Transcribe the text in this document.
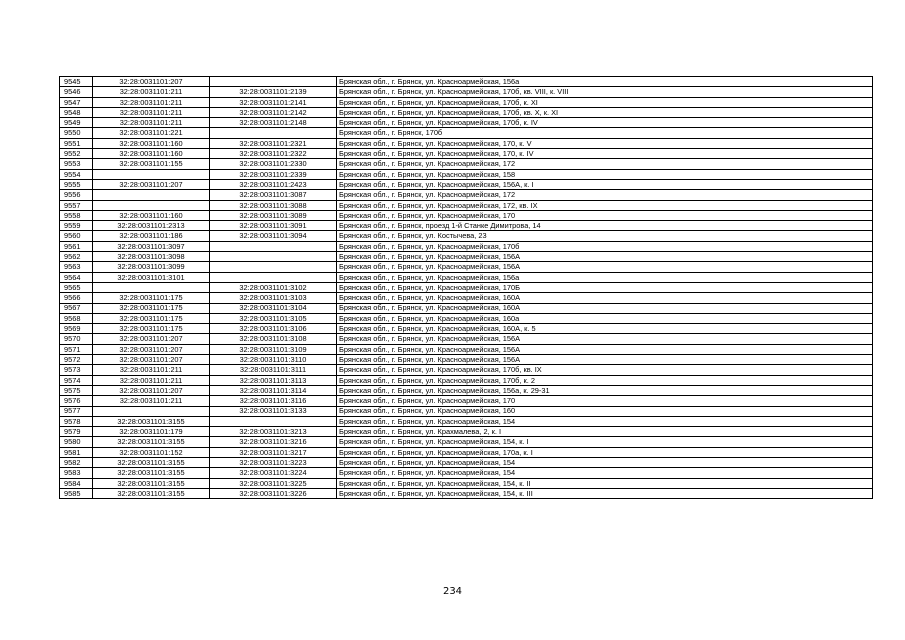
9545	32:28:0031101:207		Брянская обл., г. Брянск, ул. Красноармейская, 156а
9546	32:28:0031101:211	32:28:0031101:2139	Брянская обл., г. Брянск, ул. Красноармейская, 170б, кв. VIII, к. VIII
9547	32:28:0031101:211	32:28:0031101:2141	Брянская обл., г. Брянск, ул. Красноармейская, 170б, к. XI
9548	32:28:0031101:211	32:28:0031101:2142	Брянская обл., г. Брянск, ул. Красноармейская, 170б, кв. X, к. XI
9549	32:28:0031101:211	32:28:0031101:2148	Брянская обл., г. Брянск, ул. Красноармейская, 170б, к. IV
9550	32:28:0031101:221		Брянская обл., г. Брянск, 170б
9551	32:28:0031101:160	32:28:0031101:2321	Брянская обл., г. Брянск, ул. Красноармейская, 170, к. V
9552	32:28:0031101:160	32:28:0031101:2322	Брянская обл., г. Брянск, ул. Красноармейская, 170, к. IV
9553	32:28:0031101:155	32:28:0031101:2330	Брянская обл., г. Брянск, ул. Красноармейская, 172
9554		32:28:0031101:2339	Брянская обл., г. Брянск, ул. Красноармейская, 158
9555	32:28:0031101:207	32:28:0031101:2423	Брянская обл., г. Брянск, ул. Красноармейская, 156А, к. I
9556		32:28:0031101:3087	Брянская обл., г. Брянск, ул. Красноармейская, 172
9557		32:28:0031101:3088	Брянская обл., г. Брянск, ул. Красноармейская, 172, кв. IX
9558	32:28:0031101:160	32:28:0031101:3089	Брянская обл., г. Брянск, ул. Красноармейская, 170
9559	32:28:0031101:2313	32:28:0031101:3091	Брянская обл., г. Брянск, проезд 1-й Станке Димитрова, 14
9560	32:28:0031101:186	32:28:0031101:3094	Брянская обл., г. Брянск, ул. Костычева, 23
9561	32:28:0031101:3097		Брянская обл., г. Брянск, ул. Красноармейская, 170б
9562	32:28:0031101:3098		Брянская обл., г. Брянск, ул. Красноармейская, 156А
9563	32:28:0031101:3099		Брянская обл., г. Брянск, ул. Красноармейская, 156А
9564	32:28:0031101:3101		Брянская обл., г. Брянск, ул. Красноармейская, 156а
9565		32:28:0031101:3102	Брянская обл., г. Брянск, ул. Красноармейская, 170Б
9566	32:28:0031101:175	32:28:0031101:3103	Брянская обл., г. Брянск, ул. Красноармейская, 160А
9567	32:28:0031101:175	32:28:0031101:3104	Брянская обл., г. Брянск, ул. Красноармейская, 160А
9568	32:28:0031101:175	32:28:0031101:3105	Брянская обл., г. Брянск, ул. Красноармейская, 160а
9569	32:28:0031101:175	32:28:0031101:3106	Брянская обл., г. Брянск, ул. Красноармейская, 160А, к. 5
9570	32:28:0031101:207	32:28:0031101:3108	Брянская обл., г. Брянск, ул. Красноармейская, 156А
9571	32:28:0031101:207	32:28:0031101:3109	Брянская обл., г. Брянск, ул. Красноармейская, 156А
9572	32:28:0031101:207	32:28:0031101:3110	Брянская обл., г. Брянск, ул. Красноармейская, 156А
9573	32:28:0031101:211	32:28:0031101:3111	Брянская обл., г. Брянск, ул. Красноармейская, 170б, кв. IX
9574	32:28:0031101:211	32:28:0031101:3113	Брянская обл., г. Брянск, ул. Красноармейская, 170б, к. 2
9575	32:28:0031101:207	32:28:0031101:3114	Брянская обл., г. Брянск, ул. Красноармейская, 156а, к. 29-31
9576	32:28:0031101:211	32:28:0031101:3116	Брянская обл., г. Брянск, ул. Красноармейская, 170
9577		32:28:0031101:3133	Брянская обл., г. Брянск, ул. Красноармейская, 160
9578	32:28:0031101:3155		Брянская обл., г. Брянск, ул. Красноармейская, 154
9579	32:28:0031101:179	32:28:0031101:3213	Брянская обл., г. Брянск, ул. Крахмалева, 2, к. I
9580	32:28:0031101:3155	32:28:0031101:3216	Брянская обл., г. Брянск, ул. Красноармейская, 154, к. I
9581	32:28:0031101:152	32:28:0031101:3217	Брянская обл., г. Брянск, ул. Красноармейская, 170а, к. I
9582	32:28:0031101:3155	32:28:0031101:3223	Брянская обл., г. Брянск, ул. Красноармейская, 154
9583	32:28:0031101:3155	32:28:0031101:3224	Брянская обл., г. Брянск, ул. Красноармейская, 154
9584	32:28:0031101:3155	32:28:0031101:3225	Брянская обл., г. Брянск, ул. Красноармейская, 154, к. II
9585	32:28:0031101:3155	32:28:0031101:3226	Брянская обл., г. Брянск, ул. Красноармейская, 154, к. III
234
